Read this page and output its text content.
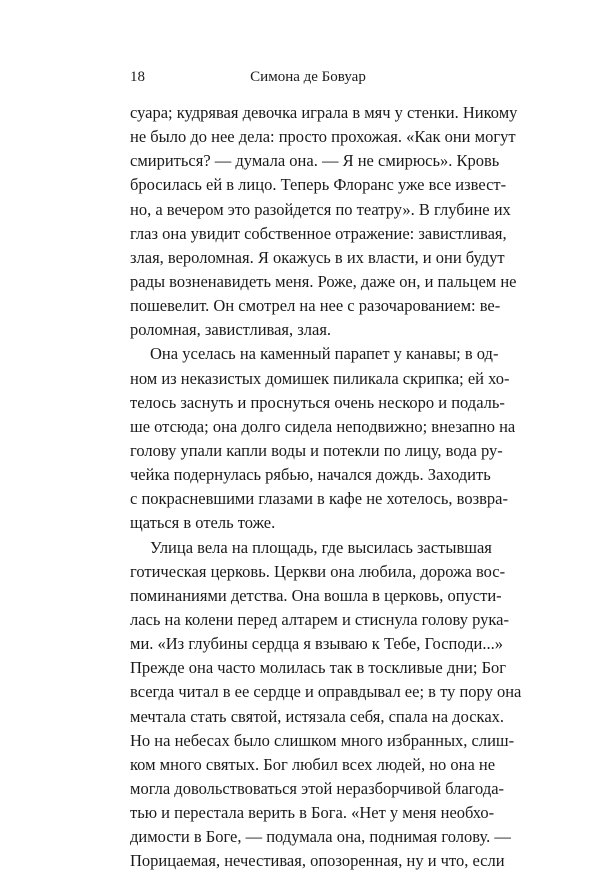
18	Симона де Бовуар
суара; кудрявая девочка играла в мяч у стенки. Никому
не было до нее дела: просто прохожая. «Как они могут
смириться? — думала она. — Я не смирюсь». Кровь
бросилась ей в лицо. Теперь Флоранс уже все извест-
но, а вечером это разойдется по театру». В глубине их
глаз она увидит собственное отражение: завистливая,
злая, вероломная. Я окажусь в их власти, и они будут
рады возненавидеть меня. Роже, даже он, и пальцем не
пошевелит. Он смотрел на нее с разочарованием: ве-
роломная, завистливая, злая.
Она уселась на каменный парапет у канавы; в од-
ном из неказистых домишек пиликала скрипка; ей хо-
телось заснуть и проснуться очень нескоро и подаль-
ше отсюда; она долго сидела неподвижно; внезапно на
голову упали капли воды и потекли по лицу, вода ру-
чейка подернулась рябью, начался дождь. Заходить
с покрасневшими глазами в кафе не хотелось, возвра-
щаться в отель тоже.
Улица вела на площадь, где высилась застывшая
готическая церковь. Церкви она любила, дорожа вос-
поминаниями детства. Она вошла в церковь, опусти-
лась на колени перед алтарем и стиснула голову рука-
ми. «Из глубины сердца я взываю к Тебе, Господи...»
Прежде она часто молилась так в тоскливые дни; Бог
всегда читал в ее сердце и оправдывал ее; в ту пору она
мечтала стать святой, истязала себя, спала на досках.
Но на небесах было слишком много избранных, слиш-
ком много святых. Бог любил всех людей, но она не
могла довольствоваться этой неразборчивой благода-
тью и перестала верить в Бога. «Нет у меня необхо-
димости в Боге, — подумала она, поднимая голову. —
Порицаемая, нечестивая, опозоренная, ну и что, если
